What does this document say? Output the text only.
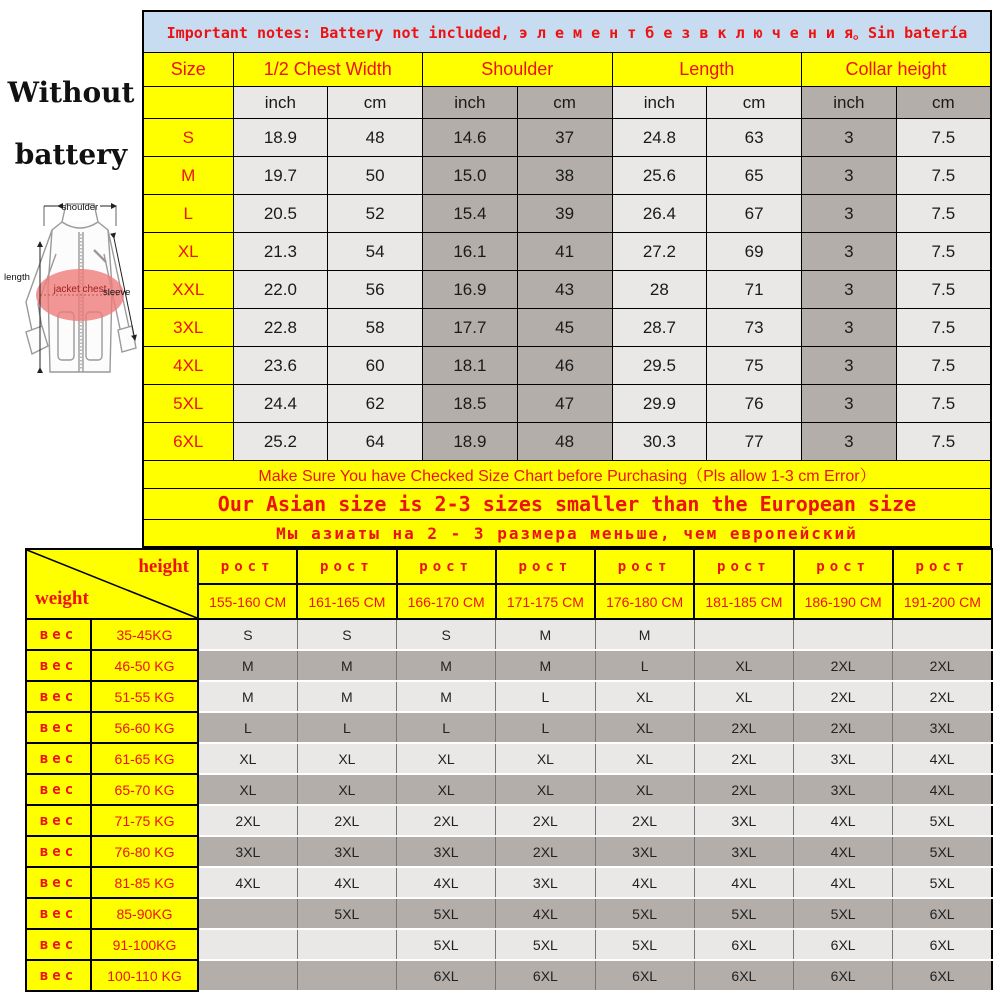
Without
battery
jacket chest
shoulder
length
sleeve
Important notes: Battery not included, э л е м е н т б е з в к л ю ч е н и я。Sin batería								
Size	1/2 Chest Width		Shoulder		Length		Collar height	
	inch	cm	inch	cm	inch	cm	inch	cm
S	18.9	48	14.6	37	24.8	63	3	7.5
M	19.7	50	15.0	38	25.6	65	3	7.5
L	20.5	52	15.4	39	26.4	67	3	7.5
XL	21.3	54	16.1	41	27.2	69	3	7.5
XXL	22.0	56	16.9	43	28	71	3	7.5
3XL	22.8	58	17.7	45	28.7	73	3	7.5
4XL	23.6	60	18.1	46	29.5	75	3	7.5
5XL	24.4	62	18.5	47	29.9	76	3	7.5
6XL	25.2	64	18.9	48	30.3	77	3	7.5
Make Sure You have Checked Size Chart before Purchasing（Pls allow 1-3 cm Error）								
Our Asian size is 2-3 sizes smaller than the European size								
Мы азиаты на 2 - 3 размера меньше, чем европейский								
height
weight		рост	рост	рост	рост	рост	рост	рост	рост
		155-160 CM	161-165 CM	166-170 CM	171-175 CM	176-180 CM	181-185 CM	186-190 CM	191-200 CM
вес	35-45KG	S	S	S	M	M			
вес	46-50 KG	M	M	M	M	L	XL	2XL	2XL
вес	51-55 KG	M	M	M	L	XL	XL	2XL	2XL
вес	56-60 KG	L	L	L	L	XL	2XL	2XL	3XL
вес	61-65 KG	XL	XL	XL	XL	XL	2XL	3XL	4XL
вес	65-70 KG	XL	XL	XL	XL	XL	2XL	3XL	4XL
вес	71-75 KG	2XL	2XL	2XL	2XL	2XL	3XL	4XL	5XL
вес	76-80 KG	3XL	3XL	3XL	2XL	3XL	3XL	4XL	5XL
вес	81-85 KG	4XL	4XL	4XL	3XL	4XL	4XL	4XL	5XL
вес	85-90KG		5XL	5XL	4XL	5XL	5XL	5XL	6XL
вес	91-100KG			5XL	5XL	5XL	6XL	6XL	6XL
вес	100-110 KG			6XL	6XL	6XL	6XL	6XL	6XL
